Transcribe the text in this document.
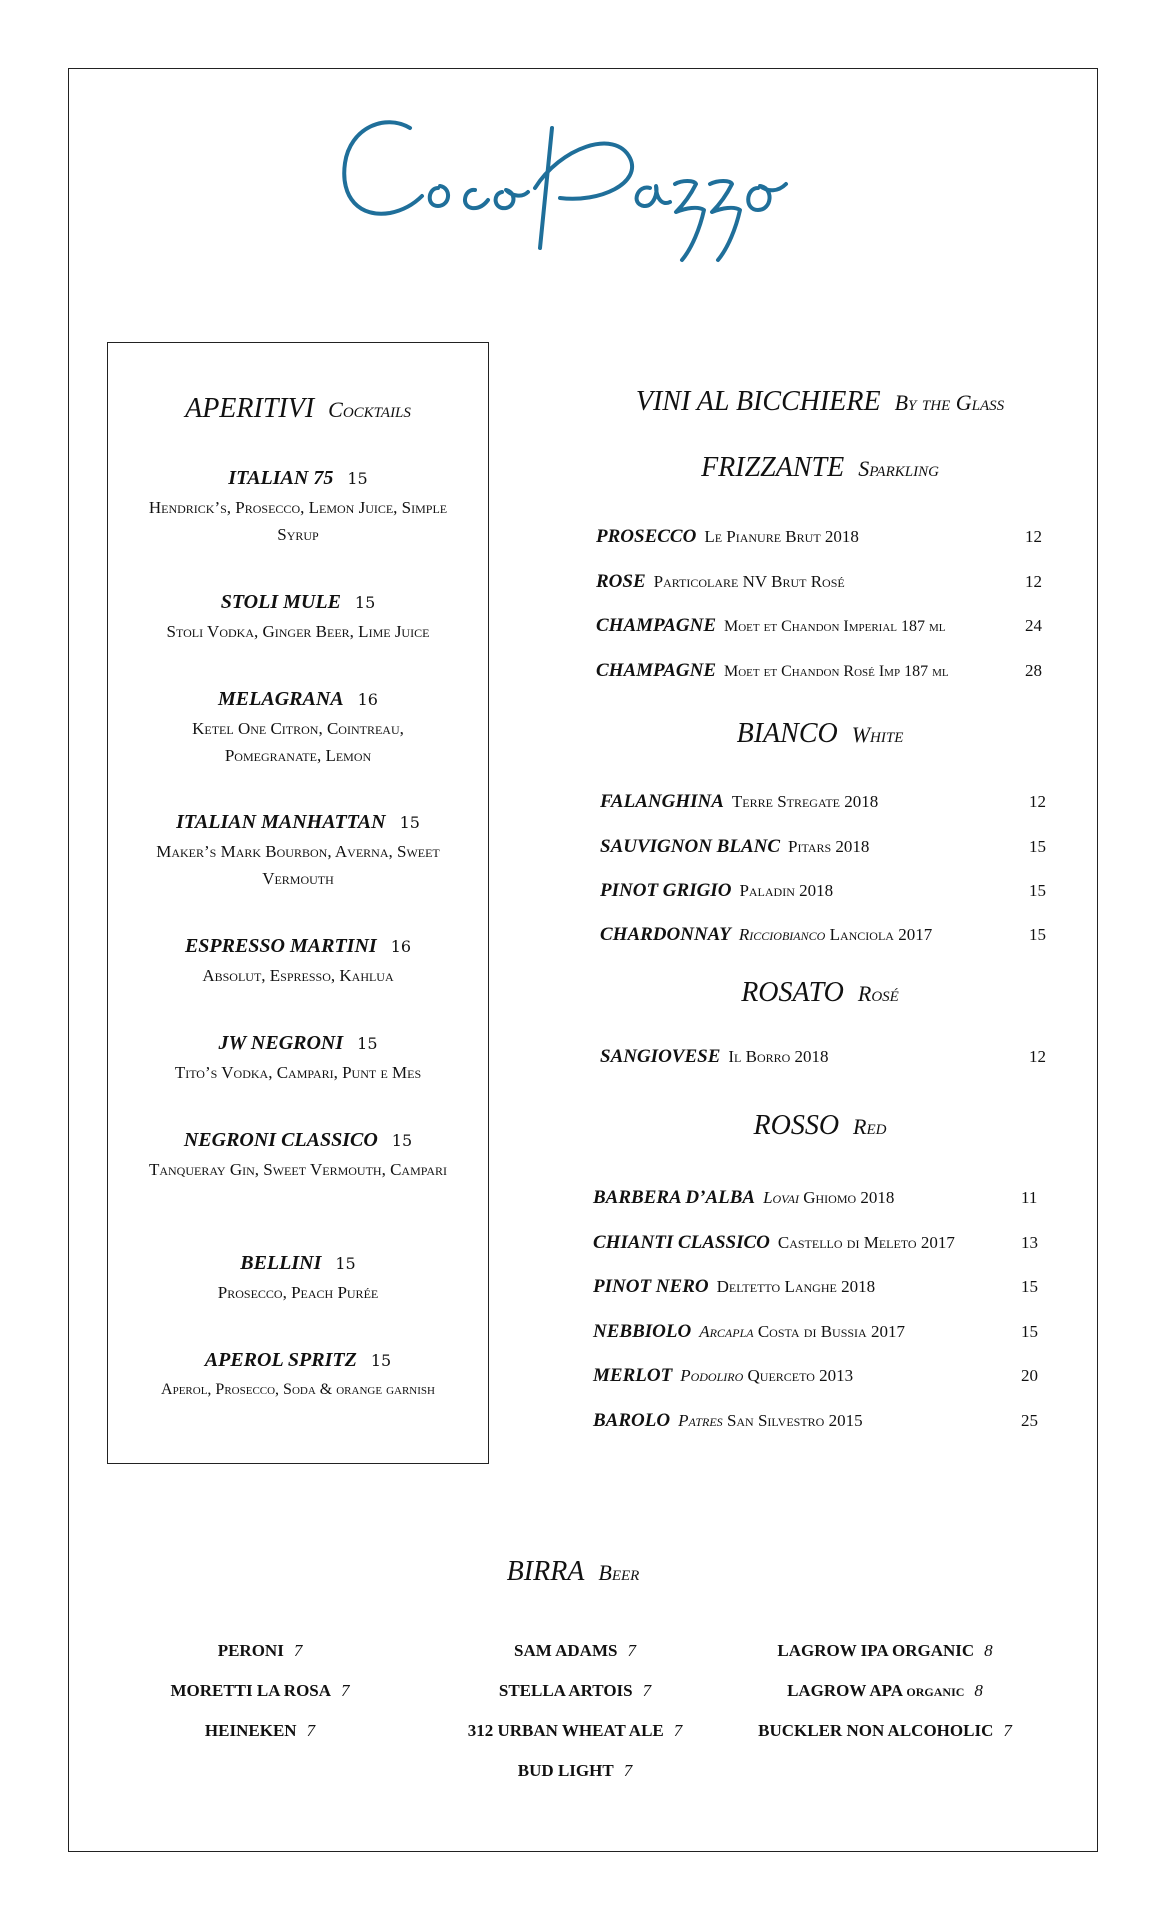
APERITIVI Cocktails
ITALIAN 75 15
Hendrick’s, Prosecco, Lemon Juice, Simple Syrup
STOLI MULE 15
Stoli Vodka, Ginger Beer, Lime Juice
MELAGRANA 16
Ketel One Citron, Cointreau, Pomegranate, Lemon
ITALIAN MANHATTAN 15
Maker’s Mark Bourbon, Averna, Sweet Vermouth
ESPRESSO MARTINI 16
Absolut, Espresso, Kahlua
JW NEGRONI 15
Tito’s Vodka, Campari, Punt e Mes
NEGRONI CLASSICO 15
Tanqueray Gin, Sweet Vermouth, Campari
BELLINI 15
Prosecco, Peach Purée
APEROL SPRITZ 15
Aperol, Prosecco, Soda & orange garnish
VINI AL BICCHIERE By the Glass
FRIZZANTE Sparkling
PROSECCO Le Pianure Brut 2018	12
ROSE Particolare NV Brut Rosé	12
CHAMPAGNE Moet et Chandon Imperial 187 ml	24
CHAMPAGNE Moet et Chandon Rosé Imp 187 ml	28
BIANCO White
FALANGHINA Terre Stregate 2018	12
SAUVIGNON BLANC Pitars 2018	15
PINOT GRIGIO Paladin 2018	15
CHARDONNAY Ricciobianco Lanciola 2017	15
ROSATO Rosé
SANGIOVESE Il Borro 2018	12
ROSSO Red
BARBERA D’ALBA Lovai Ghiomo 2018	11
CHIANTI CLASSICO Castello di Meleto 2017	13
PINOT NERO Deltetto Langhe 2018	15
NEBBIOLO Arcapla Costa di Bussia 2017	15
MERLOT Podoliro Querceto 2013	20
BAROLO Patres San Silvestro 2015	25
BIRRA Beer
PERONI 7	SAM ADAMS 7	LAGROW IPA ORGANIC 8
MORETTI LA ROSA 7	STELLA ARTOIS 7	LAGROW APA organic 8
HEINEKEN 7	312 URBAN WHEAT ALE 7	BUCKLER NON ALCOHOLIC 7
BUD LIGHT 7
